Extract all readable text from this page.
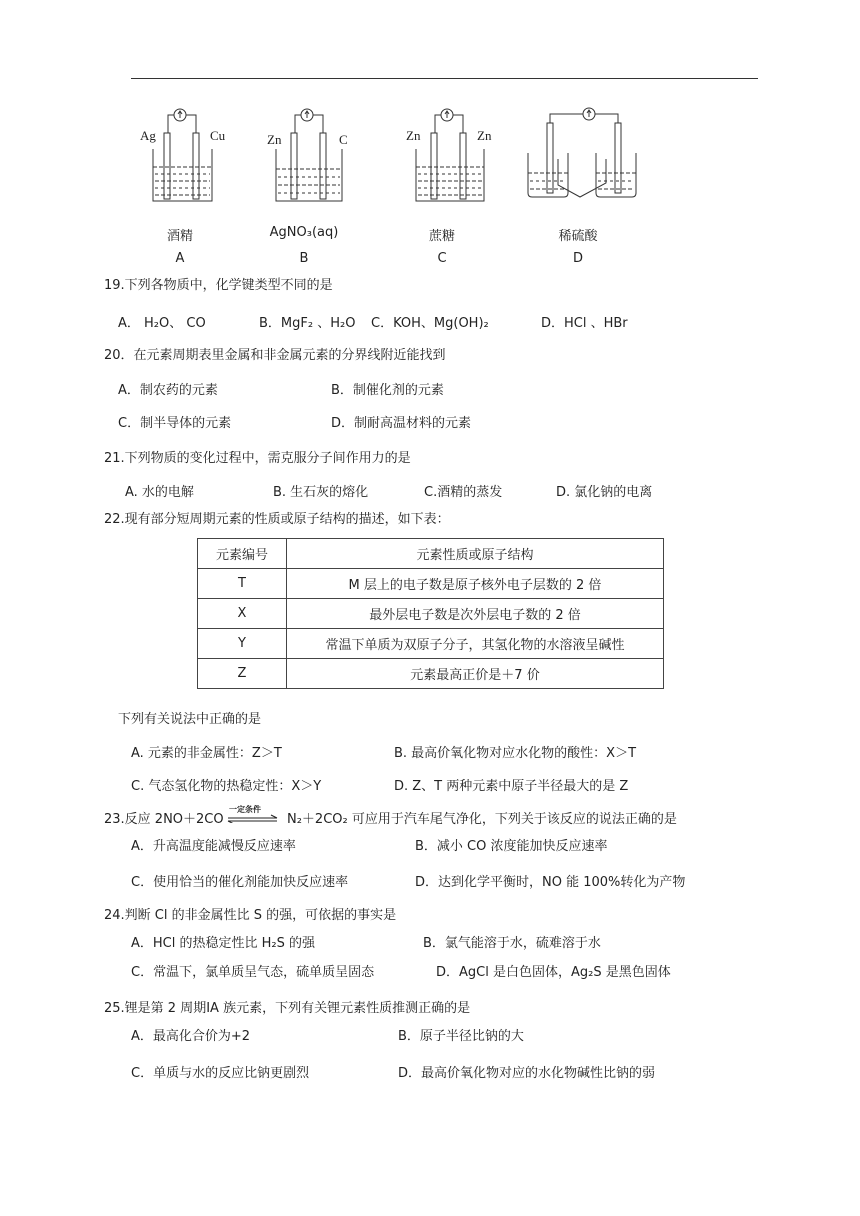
Ag	Cu	Zn	C	Zn	Zn
酒精	AgNO₃(aq)	蔗糖	稀硫酸
A	B	C	D
19.下列各物质中，化学键类型不同的是
A． H₂O、 CO	B．MgF₂ 、H₂O C．KOH、Mg(OH)₂	D．HCl 、HBr
20．在元素周期表里金属和非金属元素的分界线附近能找到
A．制农药的元素	B．制催化剂的元素
C．制半导体的元素	D．制耐高温材料的元素
21.下列物质的变化过程中，需克服分子间作用力的是
A. 水的电解	B. 生石灰的熔化	C.酒精的蒸发	D. 氯化钠的电离
22.现有部分短周期元素的性质或原子结构的描述，如下表：
元素编号	元素性质或原子结构
T	M 层上的电子数是原子核外电子层数的 2 倍
X	最外层电子数是次外层电子数的 2 倍
Y	常温下单质为双原子分子，其氢化物的水溶液呈碱性
Z	元素最高正价是＋7 价
下列有关说法中正确的是
A. 元素的非金属性：Z＞T	B. 最高价氧化物对应水化物的酸性：X＞T
C. 气态氢化物的热稳定性：X＞Y	D. Z、T 两种元素中原子半径最大的是 Z
23.反应 2NO＋2CO
一定条件
N₂＋2CO₂ 可应用于汽车尾气净化，下列关于该反应的说法正确的是
A．升高温度能减慢反应速率	B．减小 CO 浓度能加快反应速率
C．使用恰当的催化剂能加快反应速率	D．达到化学平衡时，NO 能 100%转化为产物
24.判断 Cl 的非金属性比 S 的强，可依据的事实是
A．HCl 的热稳定性比 H₂S 的强	B．氯气能溶于水，硫难溶于水
C．常温下，氯单质呈气态，硫单质呈固态	D．AgCl 是白色固体，Ag₂S 是黑色固体
25.锂是第 2 周期ⅠA 族元素，下列有关锂元素性质推测正确的是
A．最高化合价为+2	B．原子半径比钠的大
C．单质与水的反应比钠更剧烈	D．最高价氧化物对应的水化物碱性比钠的弱
